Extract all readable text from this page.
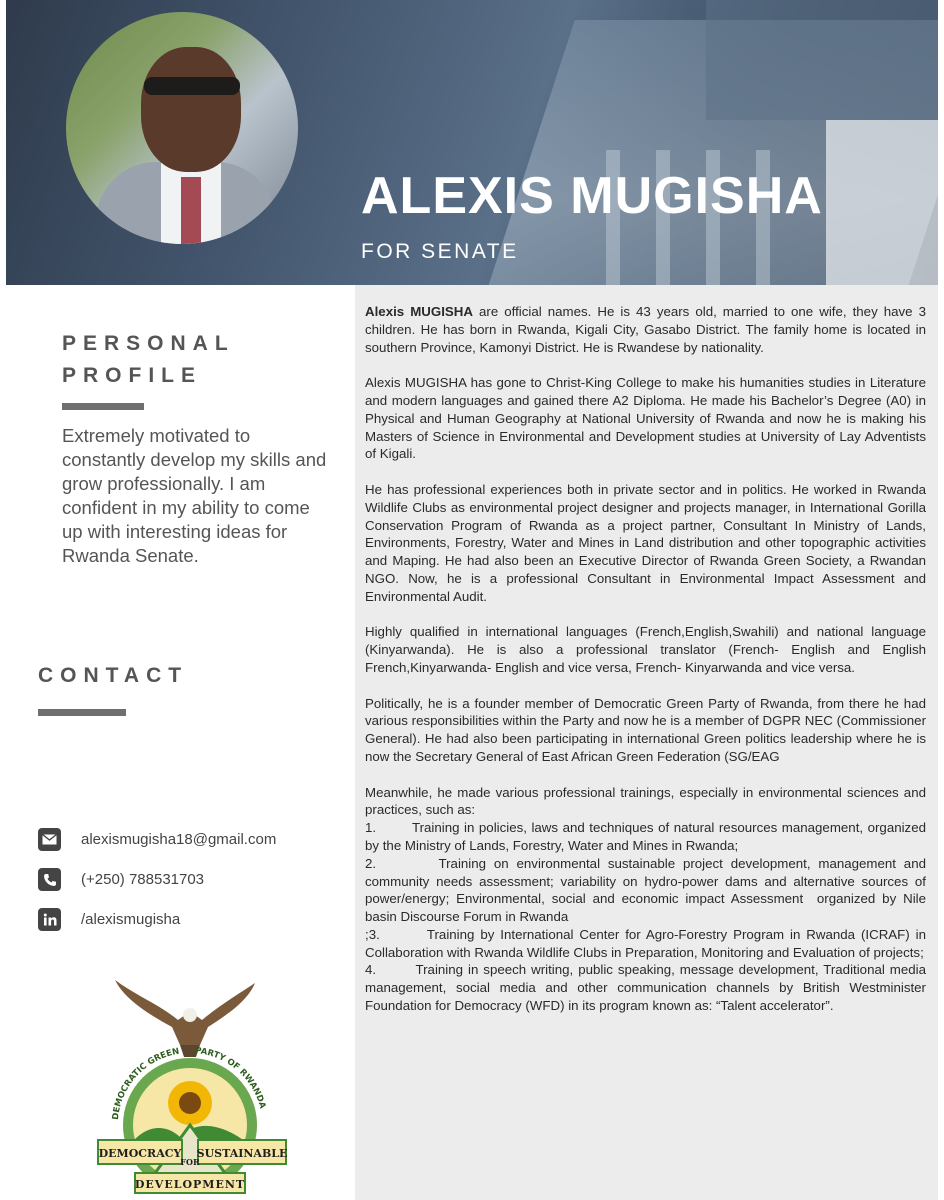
ALEXIS MUGISHA
FOR SENATE
PERSONAL
PROFILE
Extremely motivated to constantly develop my skills and grow professionally. I am confident in my ability to come up with interesting ideas for Rwanda Senate.
CONTACT
alexismugisha18@gmail.com
(+250) 788531703
/alexismugisha
DEMOCRATIC GREEN PARTY OF RWANDA
DEMOCRACY
FOR
SUSTAINABLE
DEVELOPMENT

Alexis MUGISHA are official names. He is 43 years old, married to one wife, they have 3 children. He has born in Rwanda, Kigali City, Gasabo District. The family home is located in southern Province, Kamonyi District. He is Rwandese by nationality.

Alexis MUGISHA has gone to Christ-King College to make his humanities studies in Literature and modern languages and gained there A2 Diploma. He made his Bachelor’s Degree (A0) in Physical and Human Geography at National University of Rwanda and now he is making his Masters of Science in Environmental and Development studies at University of Lay Adventists of Kigali.

He has professional experiences both in private sector and in politics. He worked in Rwanda Wildlife Clubs as environmental project designer and projects manager, in International Gorilla Conservation Program of Rwanda as a project partner, Consultant In Ministry of Lands, Environments, Forestry, Water and Mines in Land distribution and other topographic activities and Maping. He had also been an Executive Director of Rwanda Green Society, a Rwandan NGO. Now, he is a professional Consultant in Environmental Impact Assessment and Environmental Audit.

Highly qualified in international languages (French,English,Swahili) and national language (Kinyarwanda). He is also a professional translator (French- English and English French,Kinyarwanda- English and vice versa, French- Kinyarwanda and vice versa.

Politically, he is a founder member of Democratic Green Party of Rwanda, from there he had various responsibilities within the Party and now he is a member of DGPR NEC (Commissioner General). He had also been participating in international Green politics leadership where he is now the Secretary General of East African Green Federation (SG/EAG

Meanwhile, he made various professional trainings, especially in environmental sciences and practices, such as:

1.        Training in policies, laws and techniques of natural resources management, organized by the Ministry of Lands, Forestry, Water and Mines in Rwanda;

2.        Training on environmental sustainable project development, management and community needs assessment; variability on hydro-power dams and alternative sources of power/energy; Environmental, social and economic impact Assessment  organized by Nile basin Discourse Forum in Rwanda

;3.        Training by International Center for Agro-Forestry Program in Rwanda (ICRAF) in Collaboration with Rwanda Wildlife Clubs in Preparation, Monitoring and Evaluation of projects;

4.        Training in speech writing, public speaking, message development, Traditional media management, social media and other communication channels by British Westminister Foundation for Democracy (WFD) in its program known as: “Talent accelerator”.
